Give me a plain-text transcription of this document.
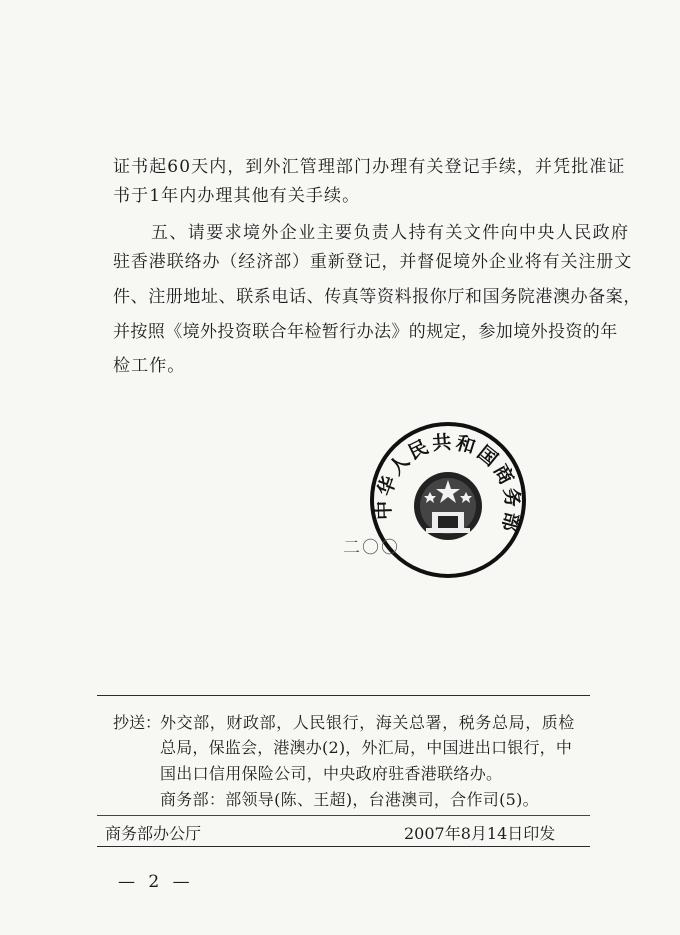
证书起60天内，到外汇管理部门办理有关登记手续，并凭批准证
书于1年内办理其他有关手续。
五、请要求境外企业主要负责人持有关文件向中央人民政府
驻香港联络办（经济部）重新登记，并督促境外企业将有关注册文
件、注册地址、联系电话、传真等资料报你厅和国务院港澳办备案，
并按照《境外投资联合年检暂行办法》的规定，参加境外投资的年
检工作。
中华人民共和国商务部
二〇〇
抄送：
外交部，财政部，人民银行，海关总署，税务总局，质检
总局，保监会，港澳办(2)，外汇局，中国进出口银行，中
国出口信用保险公司，中央政府驻香港联络办。
商务部：部领导(陈、王超)，台港澳司，合作司(5)。
商务部办公厅	2007年8月14日印发
— 2 —
